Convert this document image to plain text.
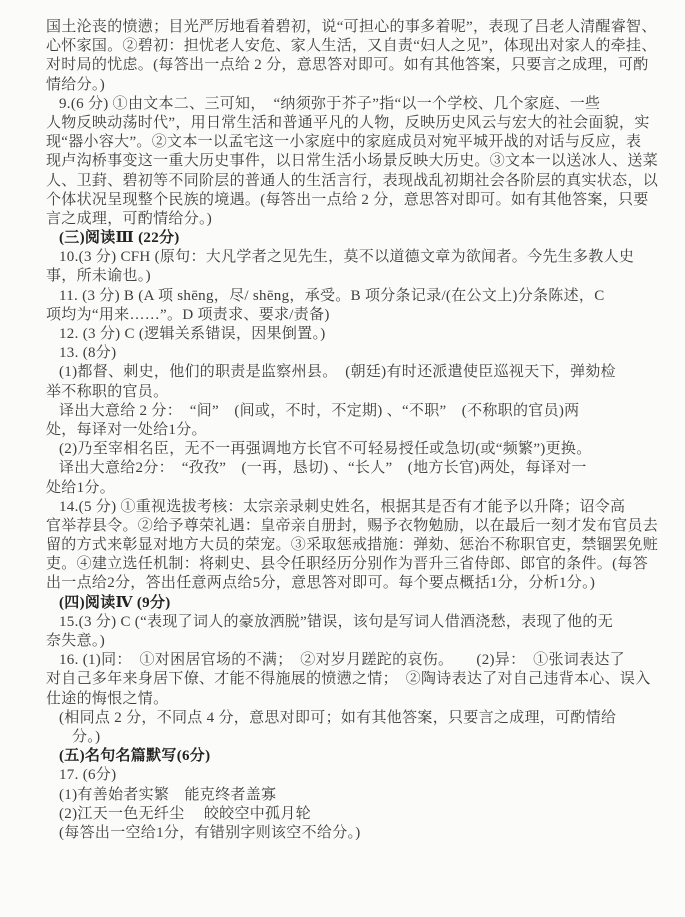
国土沦丧的愤懑；目光严厉地看着碧初，说“可担心的事多着呢”，表现了吕老人清醒睿智、
心怀家国。②碧初：担忧老人安危、家人生活，又自责“妇人之见”，体现出对家人的牵挂、
对时局的忧虑。(每答出一点给 2 分，意思答对即可。如有其他答案，只要言之成理，可酌
情给分。)
9.(6 分) ①由文本二、三可知，　“纳须弥于芥子”指“以一个学校、几个家庭、一些
人物反映动荡时代”，用日常生活和普通平凡的人物，反映历史风云与宏大的社会面貌，实
现“器小容大”。②文本一以孟宅这一小家庭中的家庭成员对宛平城开战的对话与反应，表
现卢沟桥事变这一重大历史事件，以日常生活小场景反映大历史。③文本一以送冰人、送菜
人、卫葑、碧初等不同阶层的普通人的生活言行，表现战乱初期社会各阶层的真实状态，以
个体状况呈现整个民族的境遇。(每答出一点给 2 分，意思答对即可。如有其他答案，只要
言之成理，可酌情给分。)
(三)阅读Ⅲ (22分)
10.(3 分) CFH (原句：大凡学者之见先生，莫不以道德文章为欲闻者。今先生多教人史
事，所未谕也。)
11. (3 分) B (A 项 shēng，尽/ shēng，承受。B 项分条记录/(在公文上)分条陈述，C
项均为“用来……”。D 项责求、要求/责备)
12. (3 分) C (逻辑关系错误，因果倒置。)
13. (8分)
(1)都督、刺史，他们的职责是监察州县。　(朝廷)有时还派遣使臣巡视天下，弹劾检
举不称职的官员。
译出大意给 2 分：　“间”　(间或，不时，不定期) 、“不职”　(不称职的官员)两
处，每译对一处给1分。
(2)乃至宰相名臣，无不一再强调地方长官不可轻易授任或急切(或“频繁”)更换。
译出大意给2分：　“孜孜”　(一再，恳切) 、“长人”　(地方长官)两处，每译对一
处给1分。
14.(5 分) ①重视选拔考核：太宗亲录刺史姓名，根据其是否有才能予以升降；诏令高
官举荐县令。②给予尊荣礼遇：皇帝亲自册封，赐予衣物勉励，以在最后一刻才发布官员去
留的方式来彰显对地方大员的荣宠。③采取惩戒措施：弹劾、惩治不称职官吏，禁锢罢免赃
吏。④建立选任机制：将刺史、县令任职经历分别作为晋升三省侍郎、郎官的条件。(每答
出一点给2分，答出任意两点给5分，意思答对即可。每个要点概括1分，分析1分。)
(四)阅读Ⅳ (9分)
15.(3 分) C (“表现了词人的豪放洒脱”错误，该句是写词人借酒浇愁，表现了他的无
奈失意。)
16. (1)同：　①对困居官场的不满；　②对岁月蹉跎的哀伤。　　(2)异：　①张词表达了
对自己多年来身居下僚、才能不得施展的愤懑之情；　②陶诗表达了对自己违背本心、误入
仕途的悔恨之情。
(相同点 2 分，不同点 4 分，意思对即可；如有其他答案，只要言之成理，可酌情给
分。)
(五)名句名篇默写(6分)
17. (6分)
(1)有善始者实繁　能克终者盖寡
(2)江天一色无纤尘　 皎皎空中孤月轮
(每答出一空给1分，有错别字则该空不给分。)
